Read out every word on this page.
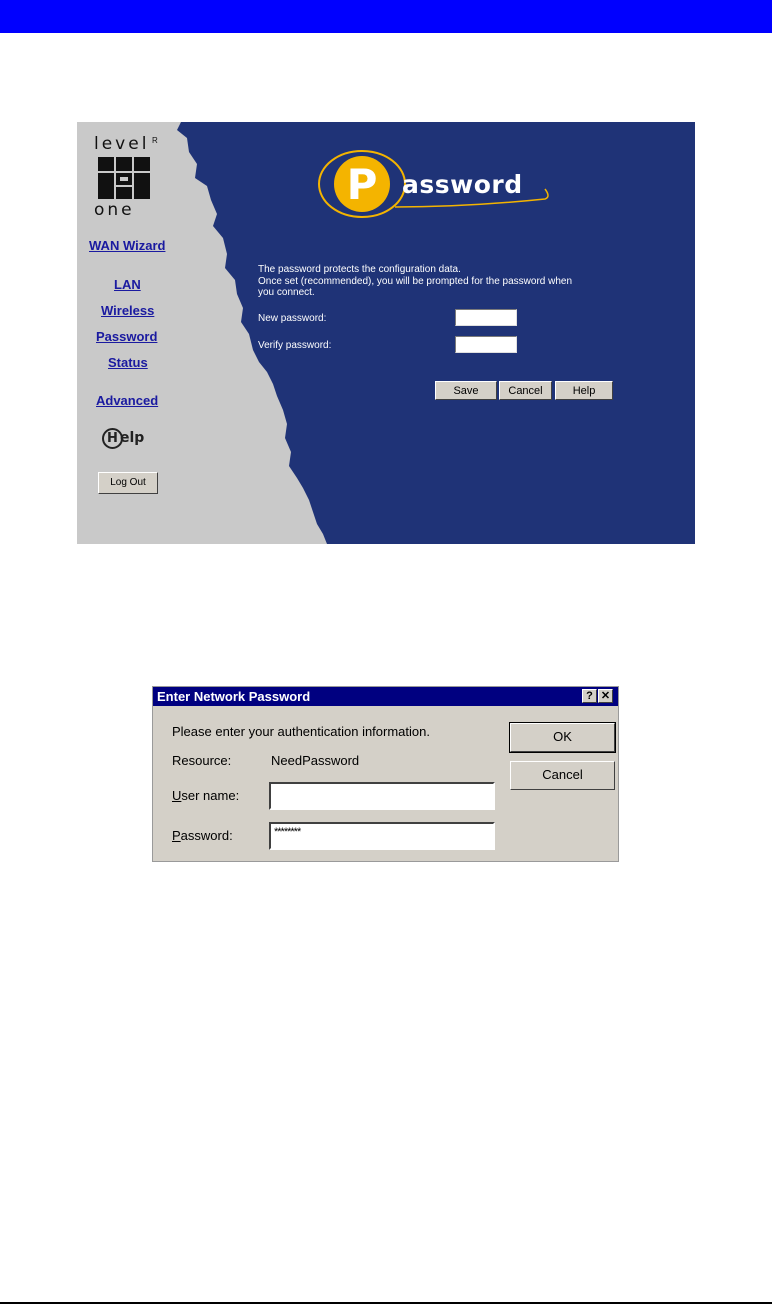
level R
one
WAN Wizard
LAN
Wireless
Password
Status
Advanced
H elp
Log Out
P assword
The password protects the configuration data.
Once set (recommended), you will be prompted for the password when
you connect.
New password:
Verify password:
Save	Cancel	Help
Enter Network Password	? ✕
Please enter your authentication information.
Resource:	NeedPassword
User name:
Password:	********
OK
Cancel
